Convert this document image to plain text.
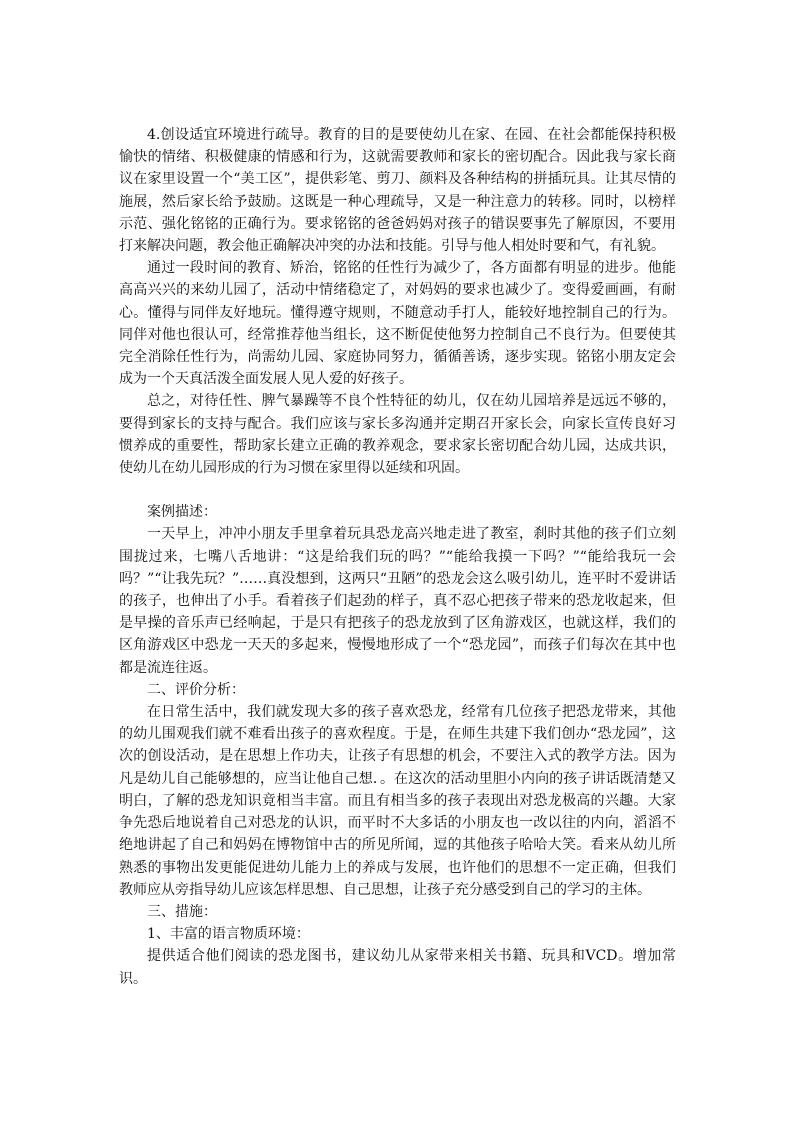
4.创设适宜环境进行疏导。教育的目的是要使幼儿在家、在园、在社会都能保持积极愉快的情绪、积极健康的情感和行为，这就需要教师和家长的密切配合。因此我与家长商议在家里设置一个“美工区”，提供彩笔、剪刀、颜料及各种结构的拼插玩具。让其尽情的施展，然后家长给予鼓励。这既是一种心理疏导，又是一种注意力的转移。同时，以榜样示范、强化铭铭的正确行为。要求铭铭的爸爸妈妈对孩子的错误要事先了解原因，不要用打来解决问题，教会他正确解决冲突的办法和技能。引导与他人相处时要和气，有礼貌。

通过一段时间的教育、矫治，铭铭的任性行为减少了，各方面都有明显的进步。他能高高兴兴的来幼儿园了，活动中情绪稳定了，对妈妈的要求也减少了。变得爱画画，有耐心。懂得与同伴友好地玩。懂得遵守规则，不随意动手打人，能较好地控制自己的行为。同伴对他也很认可，经常推荐他当组长，这不断促使他努力控制自己不良行为。但要使其完全消除任性行为，尚需幼儿园、家庭协同努力，循循善诱，逐步实现。铭铭小朋友定会成为一个天真活泼全面发展人见人爱的好孩子。

总之，对待任性、脾气暴躁等不良个性特征的幼儿，仅在幼儿园培养是远远不够的，要得到家长的支持与配合。我们应该与家长多沟通并定期召开家长会，向家长宣传良好习惯养成的重要性，帮助家长建立正确的教养观念，要求家长密切配合幼儿园，达成共识，使幼儿在幼儿园形成的行为习惯在家里得以延续和巩固。

案例描述：

一天早上，冲冲小朋友手里拿着玩具恐龙高兴地走进了教室，刹时其他的孩子们立刻围拢过来，七嘴八舌地讲：“这是给我们玩的吗？”“能给我摸一下吗？”“能给我玩一会吗？”“让我先玩？”……真没想到，这两只“丑陋”的恐龙会这么吸引幼儿，连平时不爱讲话的孩子，也伸出了小手。看着孩子们起劲的样子，真不忍心把孩子带来的恐龙收起来，但是早操的音乐声已经响起，于是只有把孩子的恐龙放到了区角游戏区，也就这样，我们的区角游戏区中恐龙一天天的多起来，慢慢地形成了一个“恐龙园”，而孩子们每次在其中也都是流连往返。

二、评价分析：

在日常生活中，我们就发现大多的孩子喜欢恐龙，经常有几位孩子把恐龙带来，其他的幼儿围观我们就不难看出孩子的喜欢程度。于是，在师生共建下我们创办“恐龙园”，这次的创设活动，是在思想上作功夫，让孩子有思想的机会，不要注入式的教学方法。因为凡是幼儿自己能够想的，应当让他自己想．。在这次的活动里胆小内向的孩子讲话既清楚又明白，了解的恐龙知识竟相当丰富。而且有相当多的孩子表现出对恐龙极高的兴趣。大家争先恐后地说着自己对恐龙的认识，而平时不大多话的小朋友也一改以往的内向，滔滔不绝地讲起了自己和妈妈在博物馆中古的所见所闻，逗的其他孩子哈哈大笑。看来从幼儿所熟悉的事物出发更能促进幼儿能力上的养成与发展，也许他们的思想不一定正确，但我们教师应从旁指导幼儿应该怎样思想、自己思想，让孩子充分感受到自己的学习的主体。

三、措施：

1、丰富的语言物质环境：

提供适合他们阅读的恐龙图书，建议幼儿从家带来相关书籍、玩具和VCD。增加常识。
